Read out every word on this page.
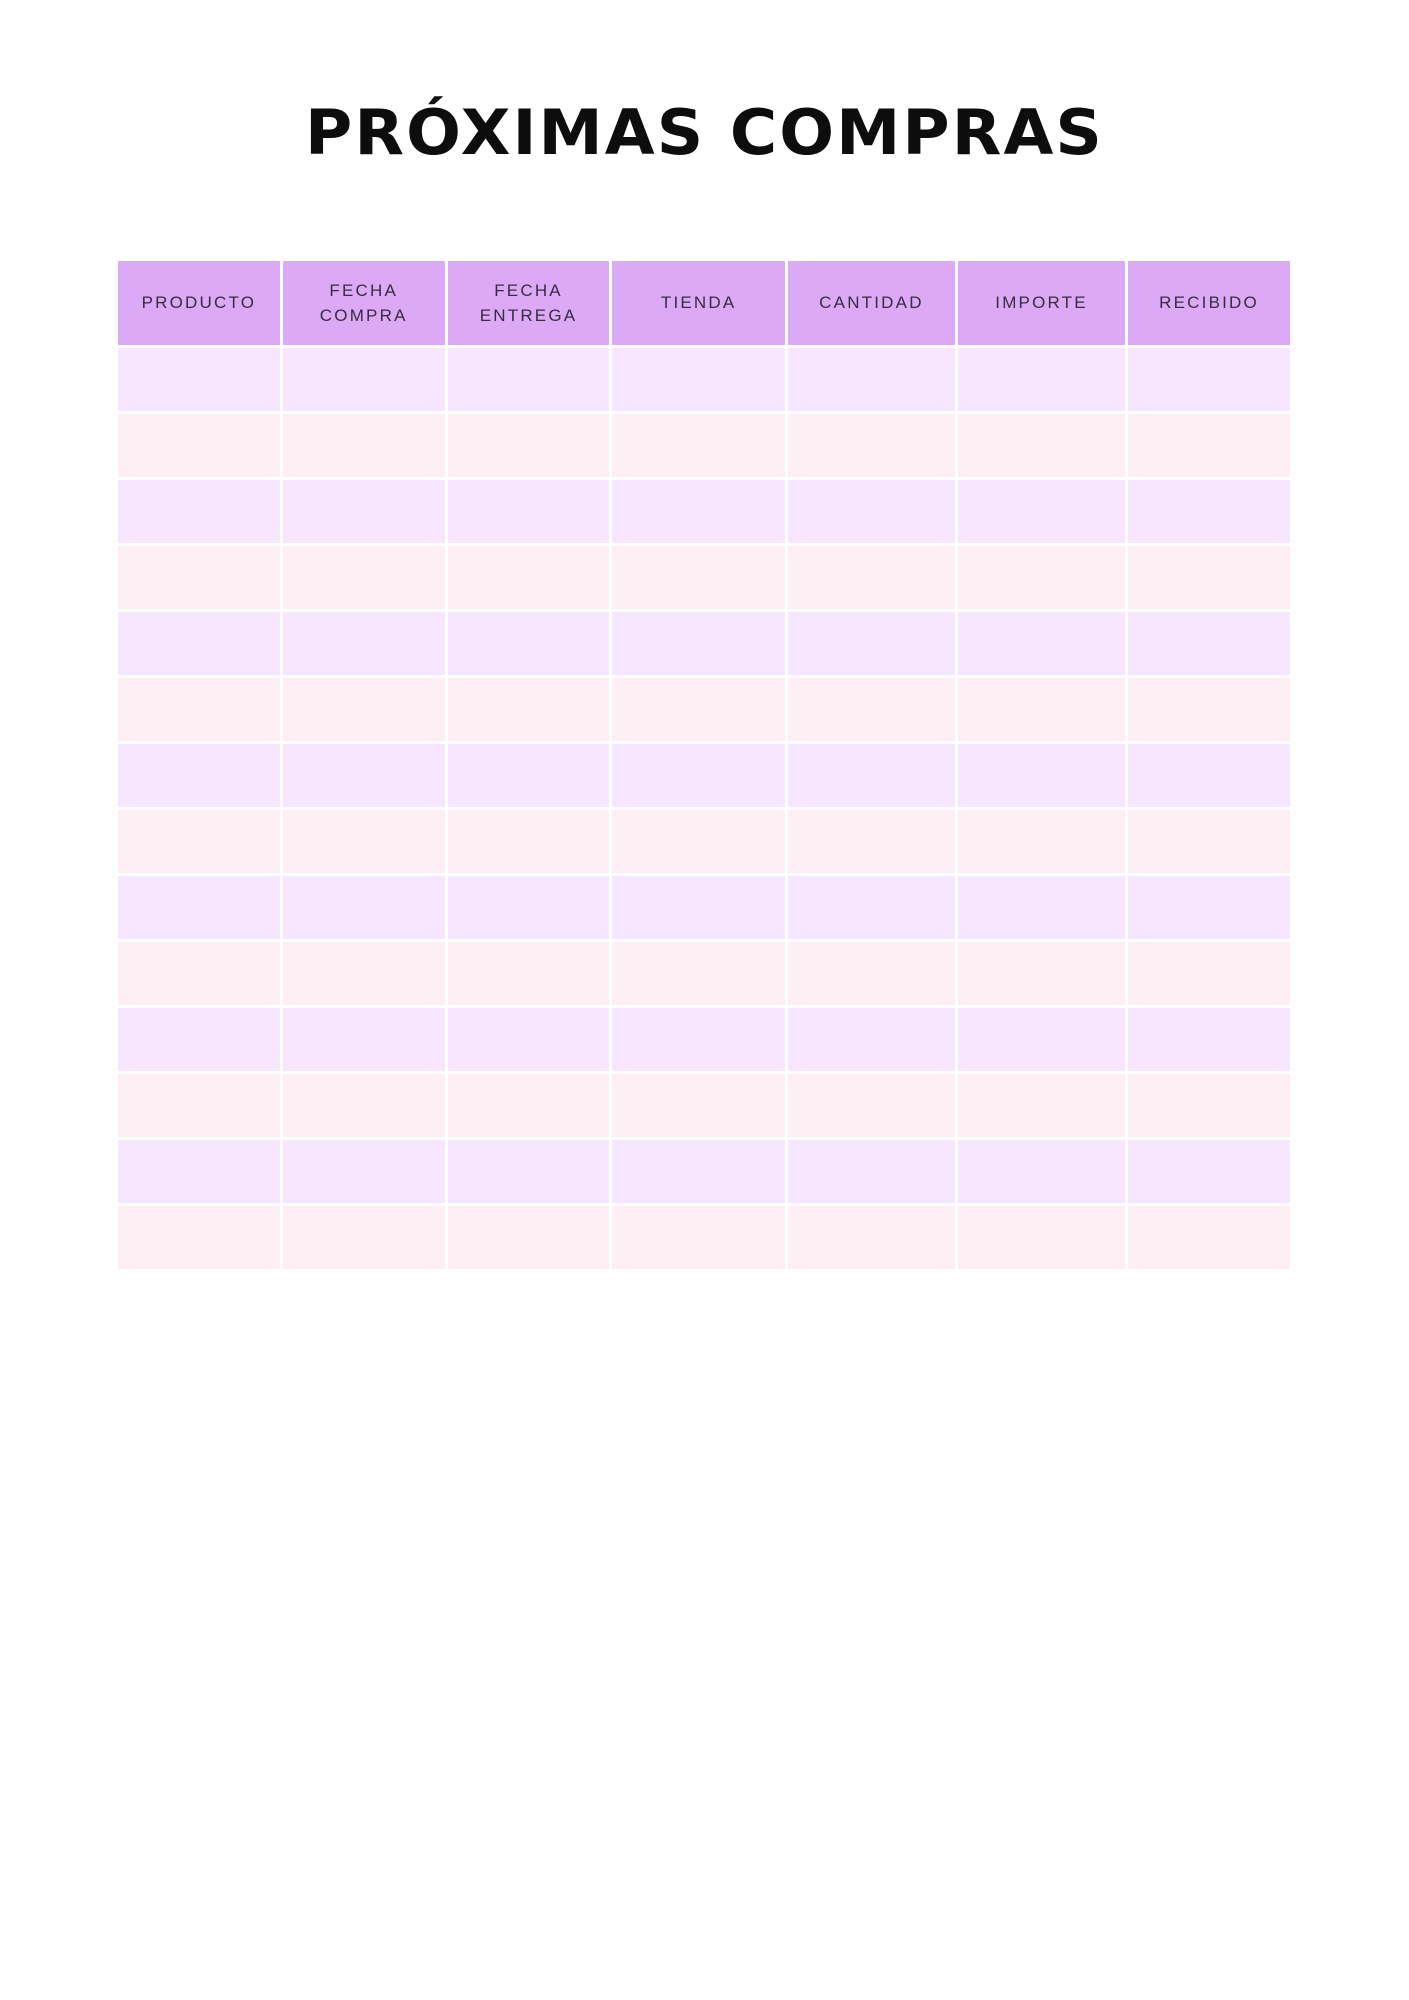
PRÓXIMAS COMPRAS
PRODUCTO	FECHA COMPRA	FECHA ENTREGA	TIENDA	CANTIDAD	IMPORTE	RECIBIDO
